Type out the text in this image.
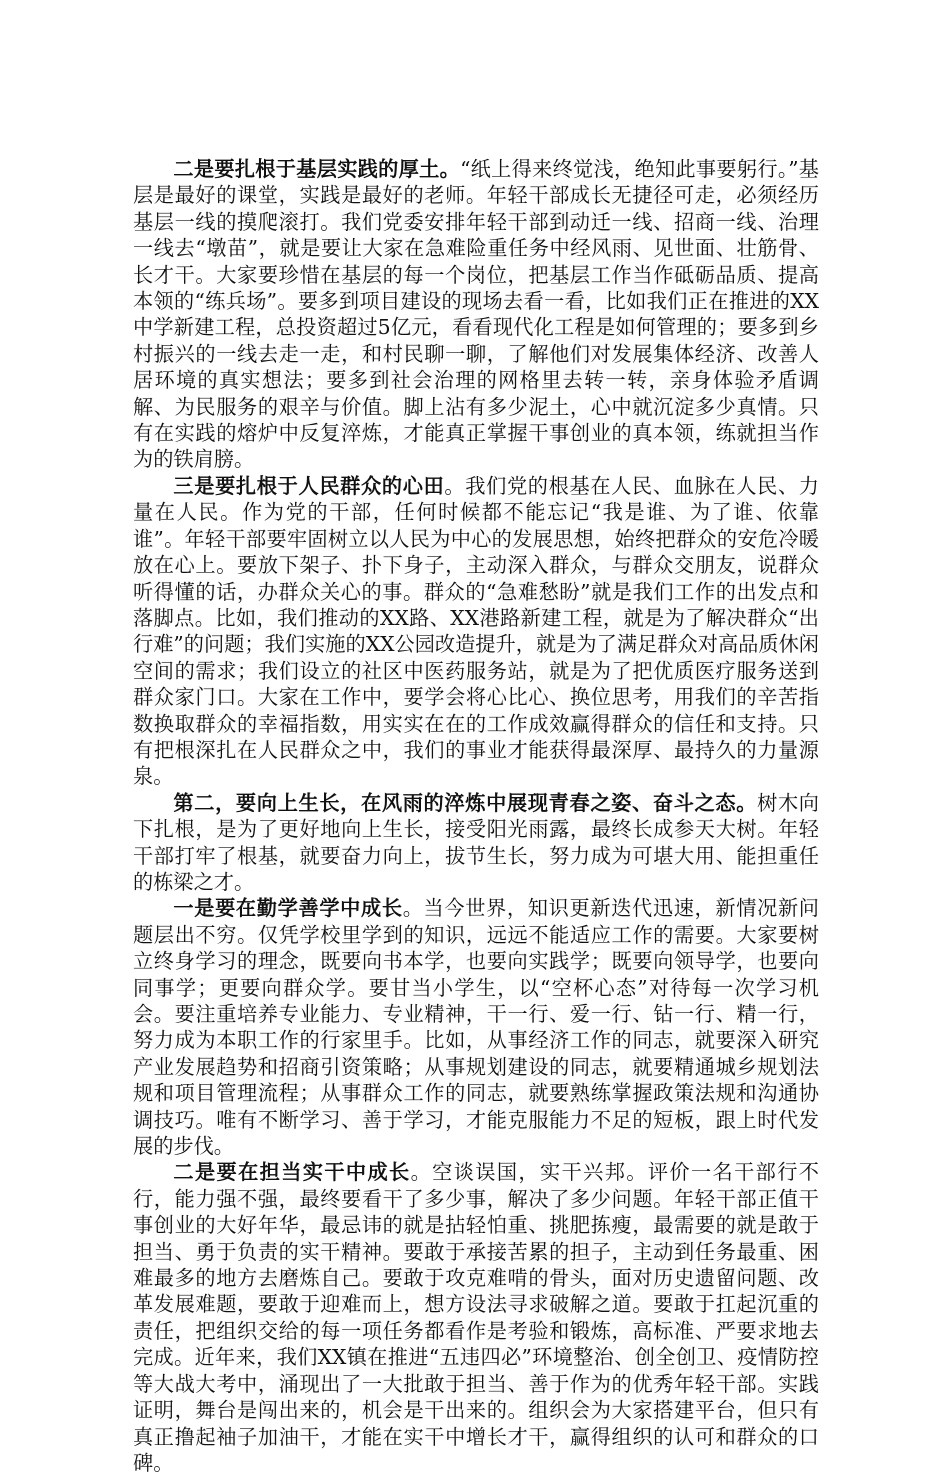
二是要扎根于基层实践的厚土。“纸上得来终觉浅，绝知此事要躬行。”基层是最好的课堂，实践是最好的老师。年轻干部成长无捷径可走，必须经历基层一线的摸爬滚打。我们党委安排年轻干部到动迁一线、招商一线、治理一线去“墩苗”，就是要让大家在急难险重任务中经风雨、见世面、壮筋骨、长才干。大家要珍惜在基层的每一个岗位，把基层工作当作砥砺品质、提高本领的“练兵场”。要多到项目建设的现场去看一看，比如我们正在推进的XX中学新建工程，总投资超过5亿元，看看现代化工程是如何管理的；要多到乡村振兴的一线去走一走，和村民聊一聊，了解他们对发展集体经济、改善人居环境的真实想法；要多到社会治理的网格里去转一转，亲身体验矛盾调解、为民服务的艰辛与价值。脚上沾有多少泥土，心中就沉淀多少真情。只有在实践的熔炉中反复淬炼，才能真正掌握干事创业的真本领，练就担当作为的铁肩膀。

三是要扎根于人民群众的心田。我们党的根基在人民、血脉在人民、力量在人民。作为党的干部，任何时候都不能忘记“我是谁、为了谁、依靠谁”。年轻干部要牢固树立以人民为中心的发展思想，始终把群众的安危冷暖放在心上。要放下架子、扑下身子，主动深入群众，与群众交朋友，说群众听得懂的话，办群众关心的事。群众的“急难愁盼”就是我们工作的出发点和落脚点。比如，我们推动的XX路、XX港路新建工程，就是为了解决群众“出行难”的问题；我们实施的XX公园改造提升，就是为了满足群众对高品质休闲空间的需求；我们设立的社区中医药服务站，就是为了把优质医疗服务送到群众家门口。大家在工作中，要学会将心比心、换位思考，用我们的辛苦指数换取群众的幸福指数，用实实在在的工作成效赢得群众的信任和支持。只有把根深扎在人民群众之中，我们的事业才能获得最深厚、最持久的力量源泉。

第二，要向上生长，在风雨的淬炼中展现青春之姿、奋斗之态。树木向下扎根，是为了更好地向上生长，接受阳光雨露，最终长成参天大树。年轻干部打牢了根基，就要奋力向上，拔节生长，努力成为可堪大用、能担重任的栋梁之才。

一是要在勤学善学中成长。当今世界，知识更新迭代迅速，新情况新问题层出不穷。仅凭学校里学到的知识，远远不能适应工作的需要。大家要树立终身学习的理念，既要向书本学，也要向实践学；既要向领导学，也要向同事学；更要向群众学。要甘当小学生，以“空杯心态”对待每一次学习机会。要注重培养专业能力、专业精神，干一行、爱一行、钻一行、精一行，努力成为本职工作的行家里手。比如，从事经济工作的同志，就要深入研究产业发展趋势和招商引资策略；从事规划建设的同志，就要精通城乡规划法规和项目管理流程；从事群众工作的同志，就要熟练掌握政策法规和沟通协调技巧。唯有不断学习、善于学习，才能克服能力不足的短板，跟上时代发展的步伐。

二是要在担当实干中成长。空谈误国，实干兴邦。评价一名干部行不行，能力强不强，最终要看干了多少事，解决了多少问题。年轻干部正值干事创业的大好年华，最忌讳的就是拈轻怕重、挑肥拣瘦，最需要的就是敢于担当、勇于负责的实干精神。要敢于承接苦累的担子，主动到任务最重、困难最多的地方去磨炼自己。要敢于攻克难啃的骨头，面对历史遗留问题、改革发展难题，要敢于迎难而上，想方设法寻求破解之道。要敢于扛起沉重的责任，把组织交给的每一项任务都看作是考验和锻炼，高标准、严要求地去完成。近年来，我们XX镇在推进“五违四必”环境整治、创全创卫、疫情防控等大战大考中，涌现出了一大批敢于担当、善于作为的优秀年轻干部。实践证明，舞台是闯出来的，机会是干出来的。组织会为大家搭建平台，但只有真正撸起袖子加油干，才能在实干中增长才干，赢得组织的认可和群众的口碑。
